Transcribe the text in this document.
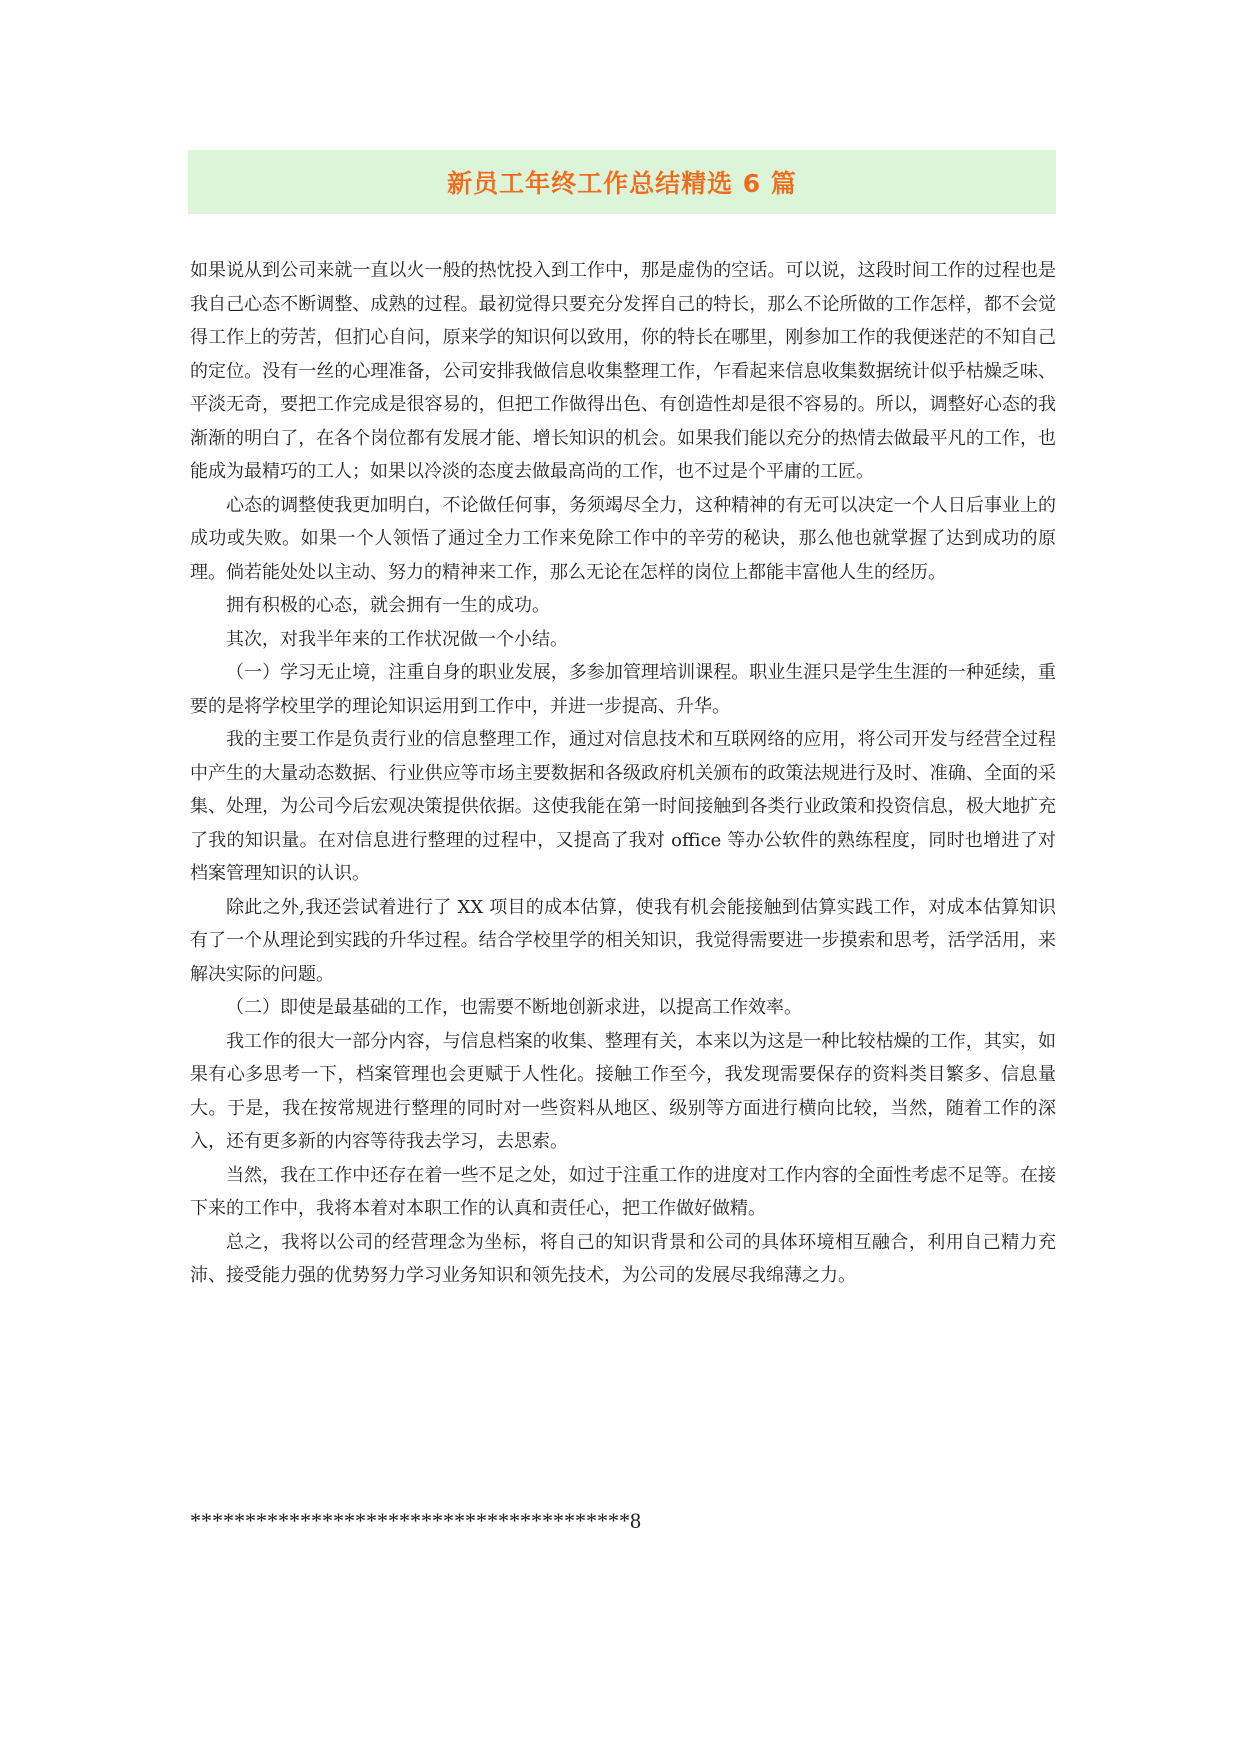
新员工年终工作总结精选 6 篇

如果说从到公司来就一直以火一般的热忱投入到工作中，那是虚伪的空话。可以说，这段时间工作的过程也是我自己心态不断调整、成熟的过程。最初觉得只要充分发挥自己的特长，那么不论所做的工作怎样，都不会觉得工作上的劳苦，但扪心自问，原来学的知识何以致用，你的特长在哪里，刚参加工作的我便迷茫的不知自己的定位。没有一丝的心理准备，公司安排我做信息收集整理工作，乍看起来信息收集数据统计似乎枯燥乏味、平淡无奇，要把工作完成是很容易的，但把工作做得出色、有创造性却是很不容易的。所以，调整好心态的我渐渐的明白了，在各个岗位都有发展才能、增长知识的机会。如果我们能以充分的热情去做最平凡的工作，也能成为最精巧的工人；如果以冷淡的态度去做最高尚的工作，也不过是个平庸的工匠。

心态的调整使我更加明白，不论做任何事，务须竭尽全力，这种精神的有无可以决定一个人日后事业上的成功或失败。如果一个人领悟了通过全力工作来免除工作中的辛劳的秘诀，那么他也就掌握了达到成功的原理。倘若能处处以主动、努力的精神来工作，那么无论在怎样的岗位上都能丰富他人生的经历。

拥有积极的心态，就会拥有一生的成功。

其次，对我半年来的工作状况做一个小结。

（一）学习无止境，注重自身的职业发展，多参加管理培训课程。职业生涯只是学生生涯的一种延续，重要的是将学校里学的理论知识运用到工作中，并进一步提高、升华。

我的主要工作是负责行业的信息整理工作，通过对信息技术和互联网络的应用，将公司开发与经营全过程中产生的大量动态数据、行业供应等市场主要数据和各级政府机关颁布的政策法规进行及时、准确、全面的采集、处理，为公司今后宏观决策提供依据。这使我能在第一时间接触到各类行业政策和投资信息，极大地扩充了我的知识量。在对信息进行整理的过程中，又提高了我对 office 等办公软件的熟练程度，同时也增进了对档案管理知识的认识。

除此之外,我还尝试着进行了 XX 项目的成本估算，使我有机会能接触到估算实践工作，对成本估算知识有了一个从理论到实践的升华过程。结合学校里学的相关知识，我觉得需要进一步摸索和思考，活学活用，来解决实际的问题。

（二）即使是最基础的工作，也需要不断地创新求进，以提高工作效率。

我工作的很大一部分内容，与信息档案的收集、整理有关，本来以为这是一种比较枯燥的工作，其实，如果有心多思考一下，档案管理也会更赋于人性化。接触工作至今，我发现需要保存的资料类目繁多、信息量大。于是，我在按常规进行整理的同时对一些资料从地区、级别等方面进行横向比较，当然，随着工作的深入，还有更多新的内容等待我去学习，去思索。

当然，我在工作中还存在着一些不足之处，如过于注重工作的进度对工作内容的全面性考虑不足等。在接下来的工作中，我将本着对本职工作的认真和责任心，把工作做好做精。

总之，我将以公司的经营理念为坐标，将自己的知识背景和公司的具体环境相互融合，利用自己精力充沛、接受能力强的优势努力学习业务知识和领先技术，为公司的发展尽我绵薄之力。

****************************************8
